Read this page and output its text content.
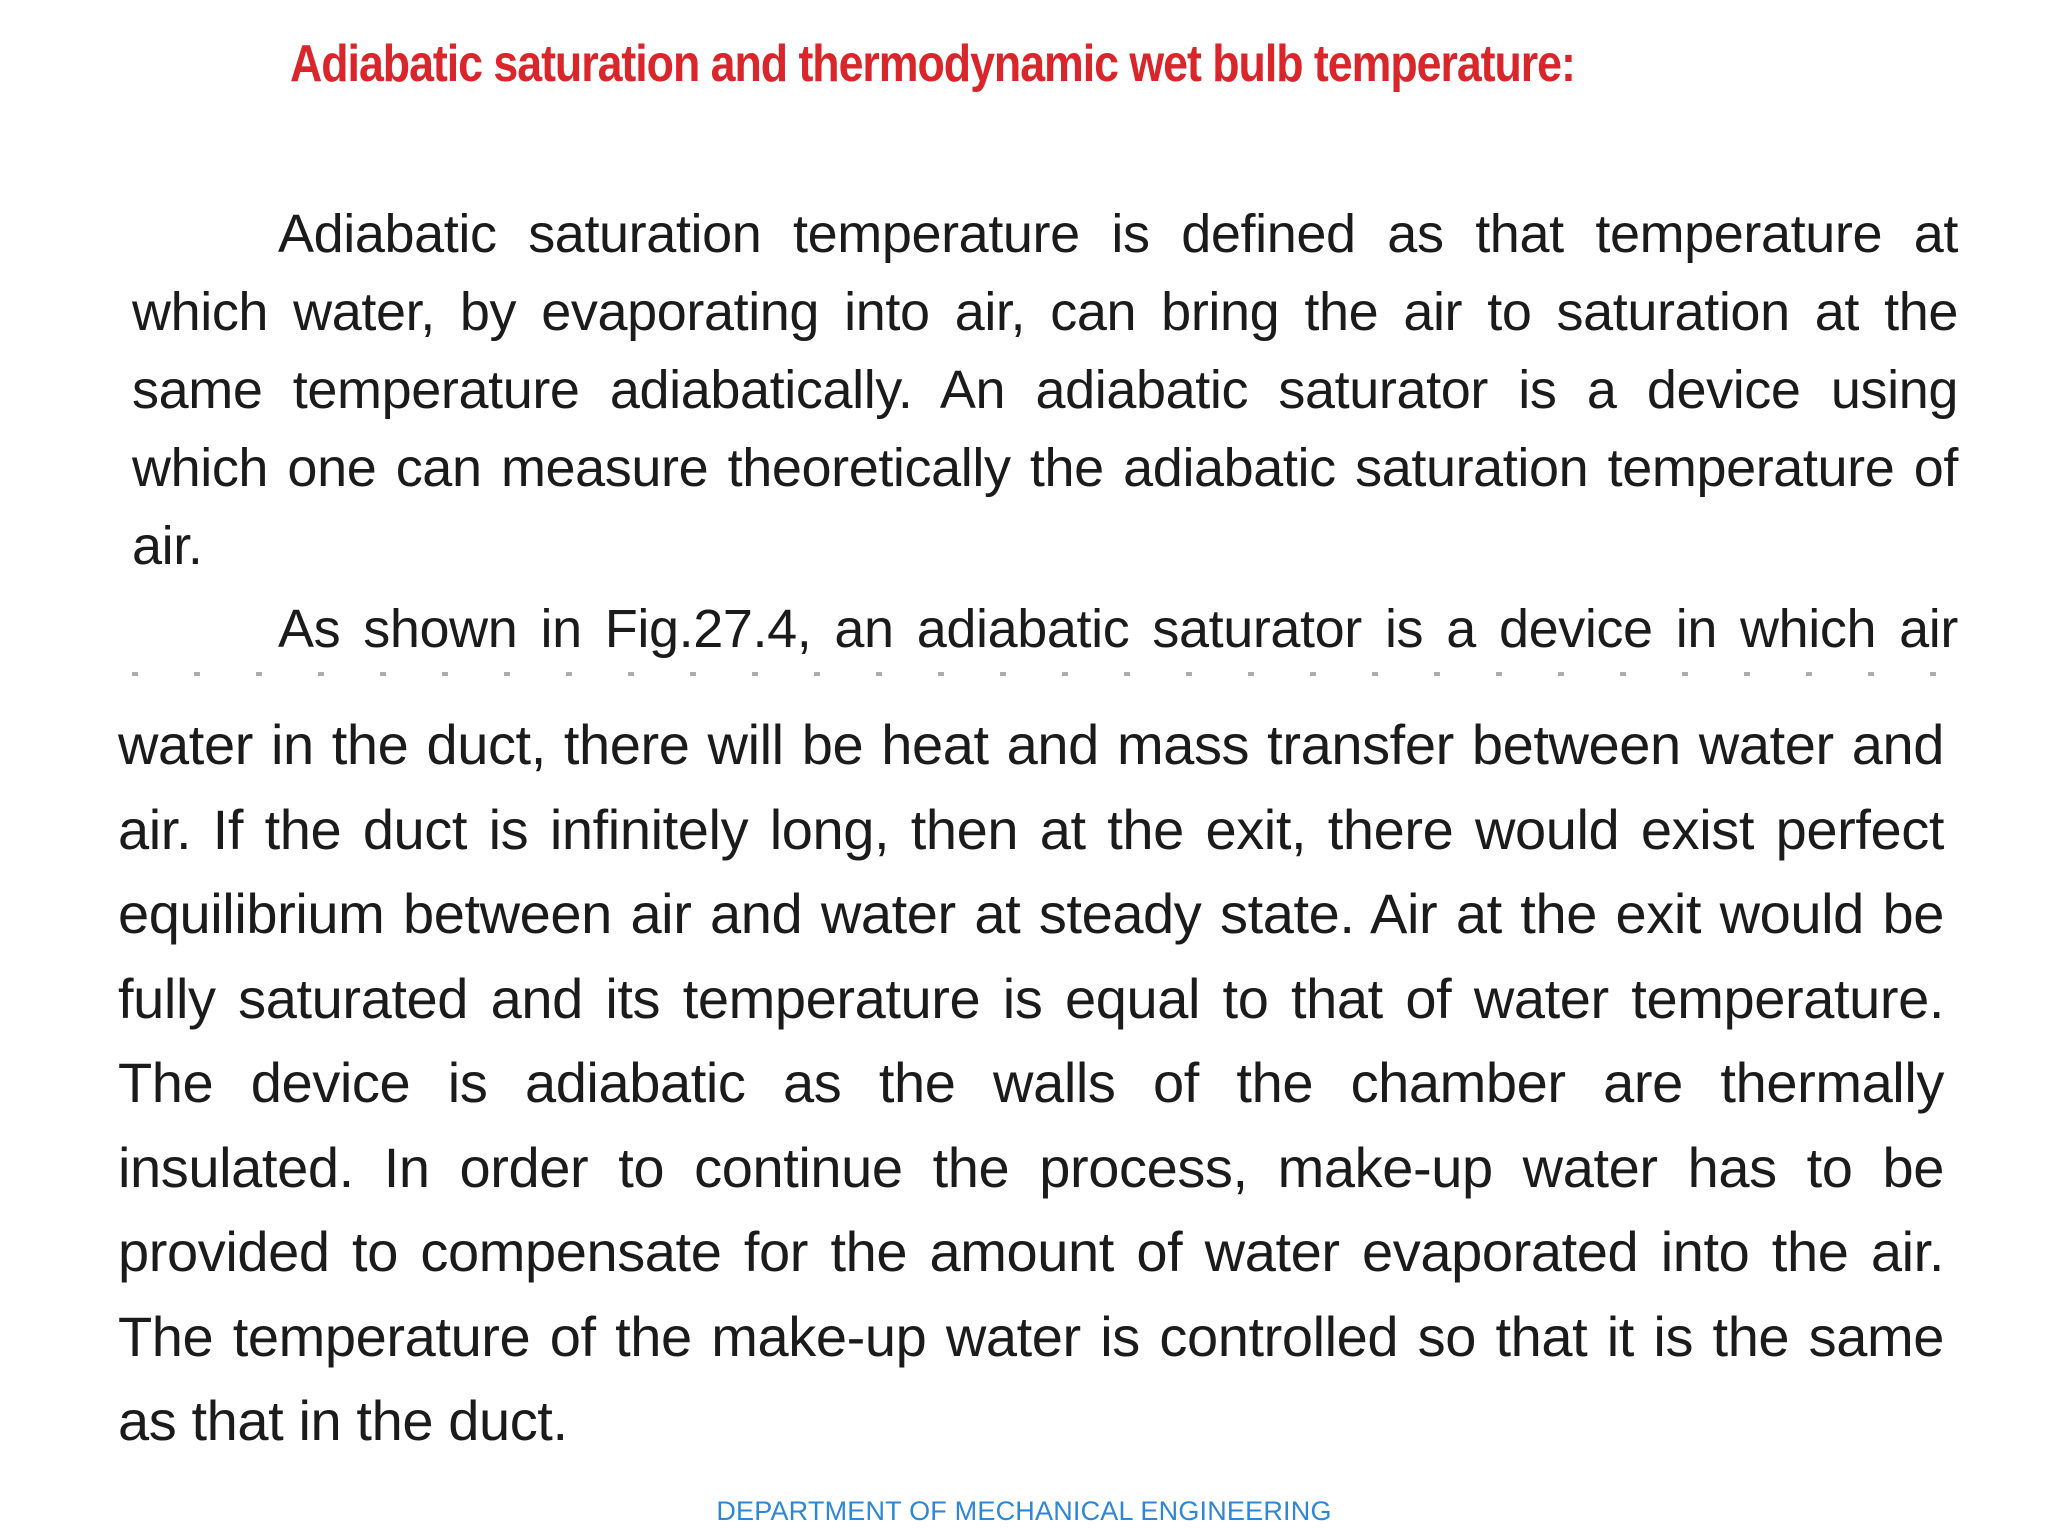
Adiabatic saturation and thermodynamic wet bulb temperature:
Adiabatic saturation temperature is defined as that temperature at which water, by evaporating into air, can bring the air to saturation at the same temperature adiabatically. An adiabatic saturator is a device using which one can measure theoretically the adiabatic saturation temperature of air.
As shown in Fig.27.4, an adiabatic saturator is a device in which air
water in the duct, there will be heat and mass transfer between water and air. If the duct is infinitely long, then at the exit, there would exist perfect equilibrium between air and water at steady state. Air at the exit would be fully saturated and its temperature is equal to that of water temperature. The device is adiabatic as the walls of the chamber are thermally insulated. In order to continue the process, make-up water has to be provided to compensate for the amount of water evaporated into the air. The temperature of the make-up water is controlled so that it is the same as that in the duct.
DEPARTMENT OF MECHANICAL ENGINEERING
